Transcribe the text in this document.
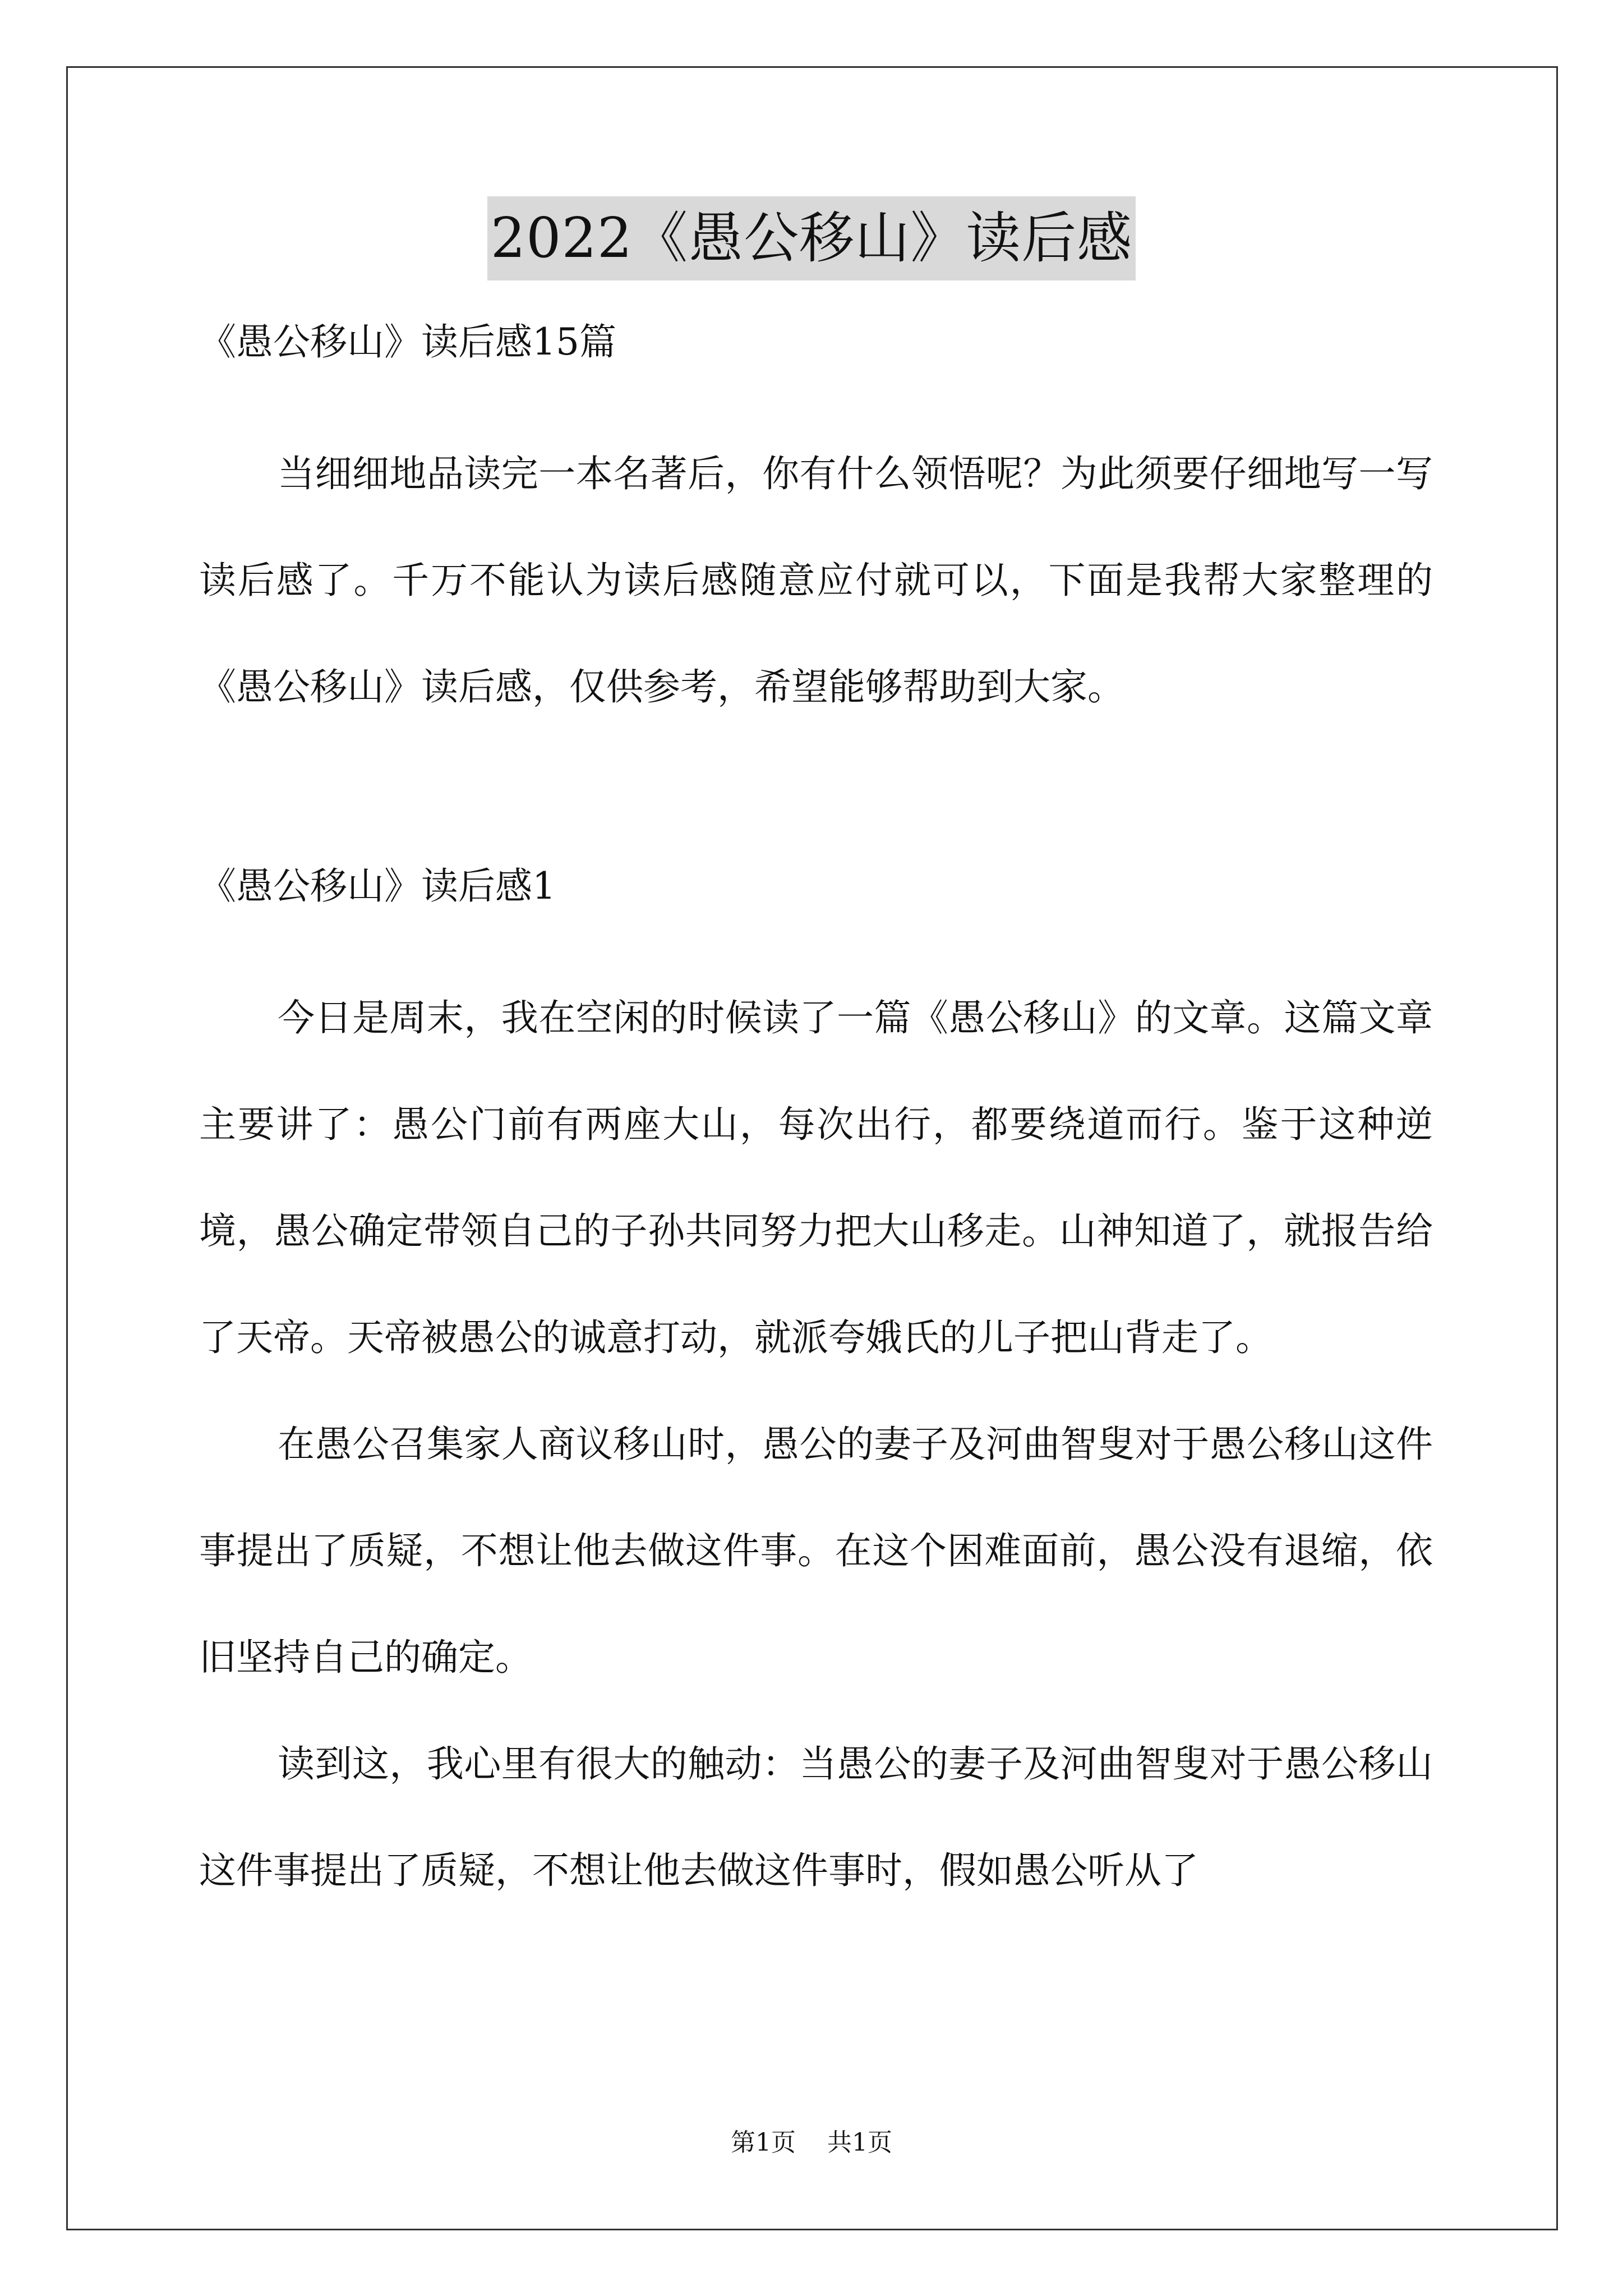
2022《愚公移山》读后感

《愚公移山》读后感15篇

当细细地品读完一本名著后，你有什么领悟呢？为此须要仔细地写一写读后感了。千万不能认为读后感随意应付就可以，下面是我帮大家整理的《愚公移山》读后感，仅供参考，希望能够帮助到大家。

《愚公移山》读后感1

今日是周末，我在空闲的时候读了一篇《愚公移山》的文章。这篇文章主要讲了：愚公门前有两座大山，每次出行，都要绕道而行。鉴于这种逆境，愚公确定带领自己的子孙共同努力把大山移走。山神知道了，就报告给了天帝。天帝被愚公的诚意打动，就派夸娥氏的儿子把山背走了。

在愚公召集家人商议移山时，愚公的妻子及河曲智叟对于愚公移山这件事提出了质疑，不想让他去做这件事。在这个困难面前，愚公没有退缩，依旧坚持自己的确定。

读到这，我心里有很大的触动：当愚公的妻子及河曲智叟对于愚公移山这件事提出了质疑，不想让他去做这件事时，假如愚公听从了

第1页 共1页
